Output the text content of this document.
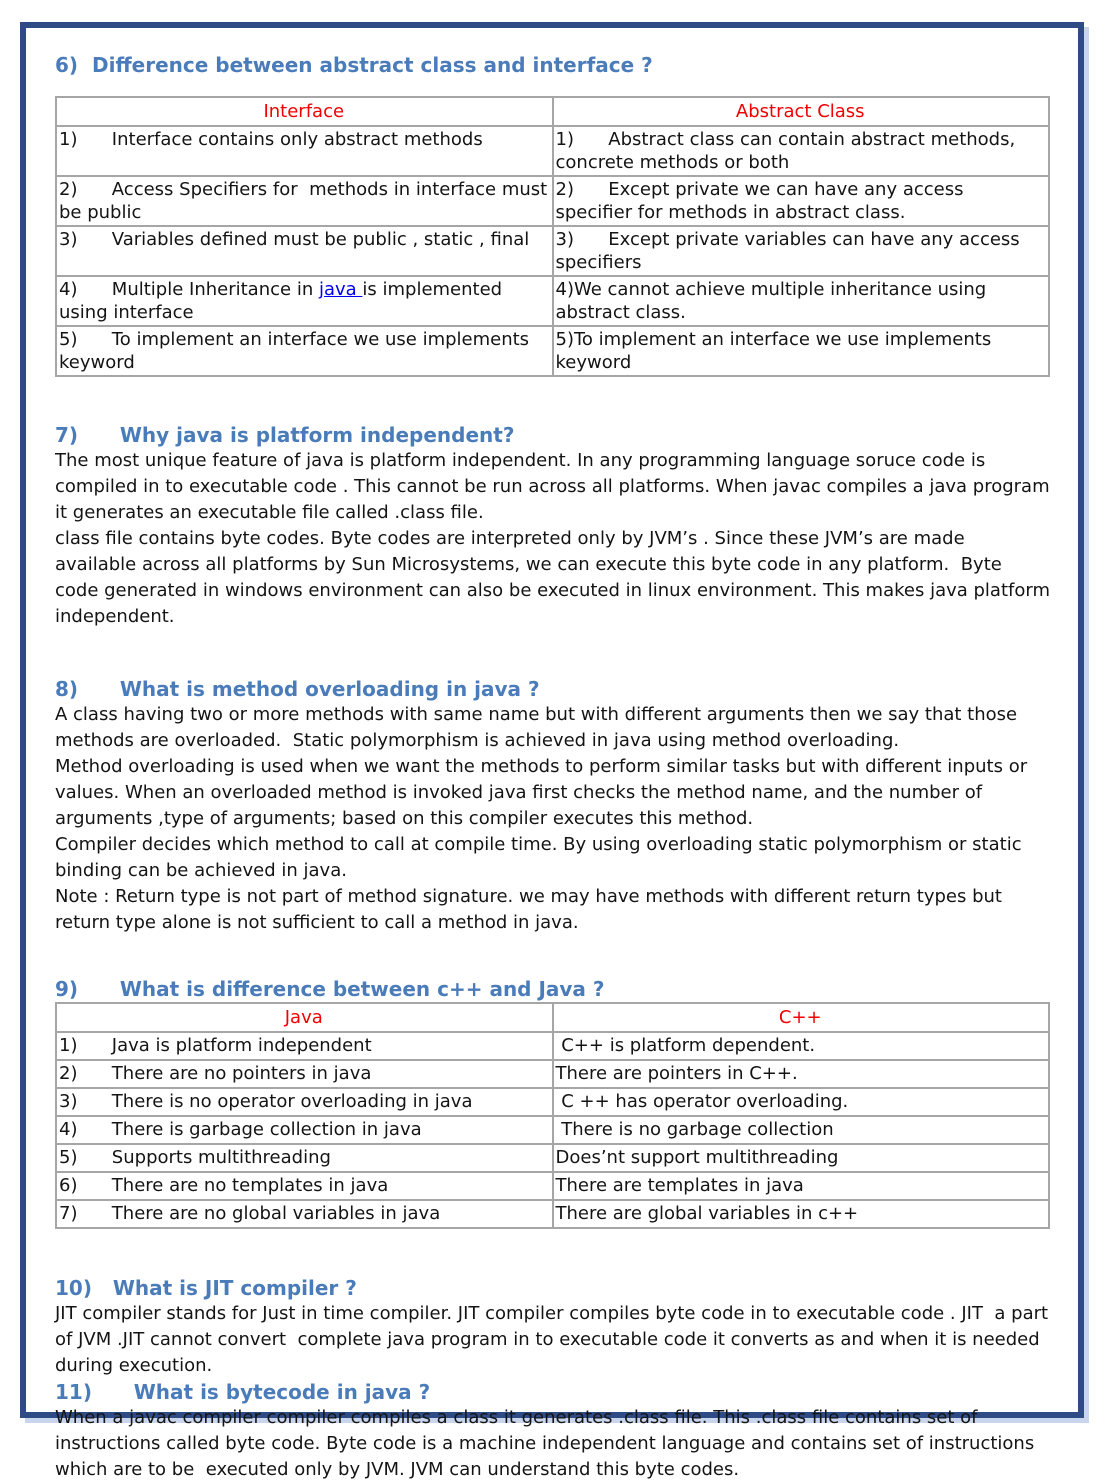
6)  Difference between abstract class and interface ?
Interface	Abstract Class
1)      Interface contains only abstract methods	1)      Abstract class can contain abstract methods, concrete methods or both
2)      Access Specifiers for  methods in interface must be public	2)      Except private we can have any access specifier for methods in abstract class.
3)      Variables defined must be public , static , final	3)      Except private variables can have any access specifiers
4)      Multiple Inheritance in java is implemented using interface	4)We cannot achieve multiple inheritance using abstract class.
5)      To implement an interface we use implements keyword	5)To implement an interface we use implements keyword
7)      Why java is platform independent?
The most unique feature of java is platform independent. In any programming language soruce code is compiled in to executable code . This cannot be run across all platforms. When javac compiles a java program it generates an executable file called .class file.
class file contains byte codes. Byte codes are interpreted only by JVM’s . Since these JVM’s are made available across all platforms by Sun Microsystems, we can execute this byte code in any platform.  Byte code generated in windows environment can also be executed in linux environment. This makes java platform independent.
8)      What is method overloading in java ?
A class having two or more methods with same name but with different arguments then we say that those methods are overloaded.  Static polymorphism is achieved in java using method overloading.
Method overloading is used when we want the methods to perform similar tasks but with different inputs or values. When an overloaded method is invoked java first checks the method name, and the number of arguments ,type of arguments; based on this compiler executes this method.
Compiler decides which method to call at compile time. By using overloading static polymorphism or static binding can be achieved in java.
Note : Return type is not part of method signature. we may have methods with different return types but return type alone is not sufficient to call a method in java.
9)      What is difference between c++ and Java ?
Java	C++
1)      Java is platform independent	C++ is platform dependent.
2)      There are no pointers in java	There are pointers in C++.
3)      There is no operator overloading in java	C ++ has operator overloading.
4)      There is garbage collection in java	There is no garbage collection
5)      Supports multithreading	Does’nt support multithreading
6)      There are no templates in java	There are templates in java
7)      There are no global variables in java	There are global variables in c++
10)   What is JIT compiler ?
JIT compiler stands for Just in time compiler. JIT compiler compiles byte code in to executable code . JIT  a part of JVM .JIT cannot convert  complete java program in to executable code it converts as and when it is needed during execution.
11)      What is bytecode in java ?
When a javac compiler compiler compiles a class it generates .class file. This .class file contains set of instructions called byte code. Byte code is a machine independent language and contains set of instructions which are to be  executed only by JVM. JVM can understand this byte codes.
